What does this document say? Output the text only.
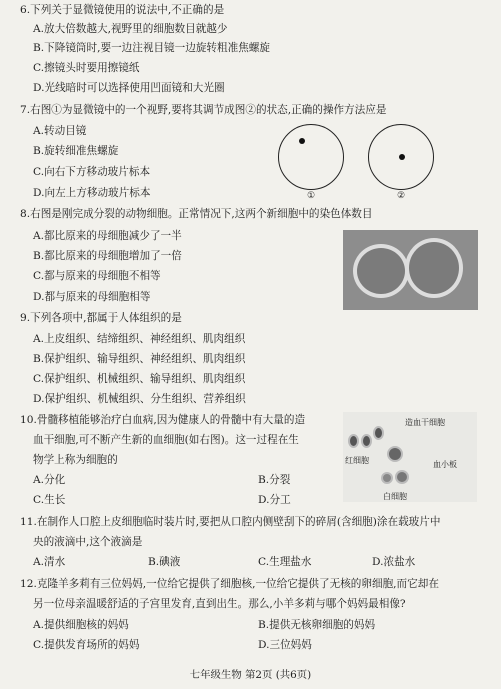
6.下列关于显微镜使用的说法中,不正确的是
A.放大倍数越大,视野里的细胞数目就越少
B.下降镜筒时,要一边注视目镜一边旋转粗准焦螺旋
C.擦镜头时要用擦镜纸
D.光线暗时可以选择使用凹面镜和大光圈
7.右图①为显微镜中的一个视野,要将其调节成图②的状态,正确的操作方法应是
A.转动目镜
B.旋转细准焦螺旋
C.向右下方移动玻片标本
D.向左上方移动玻片标本	①	②
8.右图是刚完成分裂的动物细胞。正常情况下,这两个新细胞中的染色体数目
A.都比原来的母细胞减少了一半
B.都比原来的母细胞增加了一倍
C.都与原来的母细胞不相等
D.都与原来的母细胞相等
9.下列各项中,都属于人体组织的是
A.上皮组织、结缔组织、神经组织、肌肉组织
B.保护组织、输导组织、神经组织、肌肉组织
C.保护组织、机械组织、输导组织、肌肉组织
D.保护组织、机械组织、分生组织、营养组织
10.骨髓移植能够治疗白血病,因为健康人的骨髓中有大量的造
血干细胞,可不断产生新的血细胞(如右图)。这一过程在生
物学上称为细胞的
A.分化	B.分裂
C.生长	D.分工
造血干细胞
红细胞	血小板
白细胞
11.在制作人口腔上皮细胞临时装片时,要把从口腔内侧壁刮下的碎屑(含细胞)涂在载玻片中
央的液滴中,这个液滴是
A.清水	B.碘液	C.生理盐水	D.浓盐水
12.克隆羊多莉有三位妈妈,一位给它提供了细胞核,一位给它提供了无核的卵细胞,而它却在
另一位母亲温暖舒适的子宫里发育,直到出生。那么,小羊多莉与哪个妈妈最相像?
A.提供细胞核的妈妈	B.提供无核卵细胞的妈妈
C.提供发育场所的妈妈	D.三位妈妈
七年级生物 第2页 (共6页)
